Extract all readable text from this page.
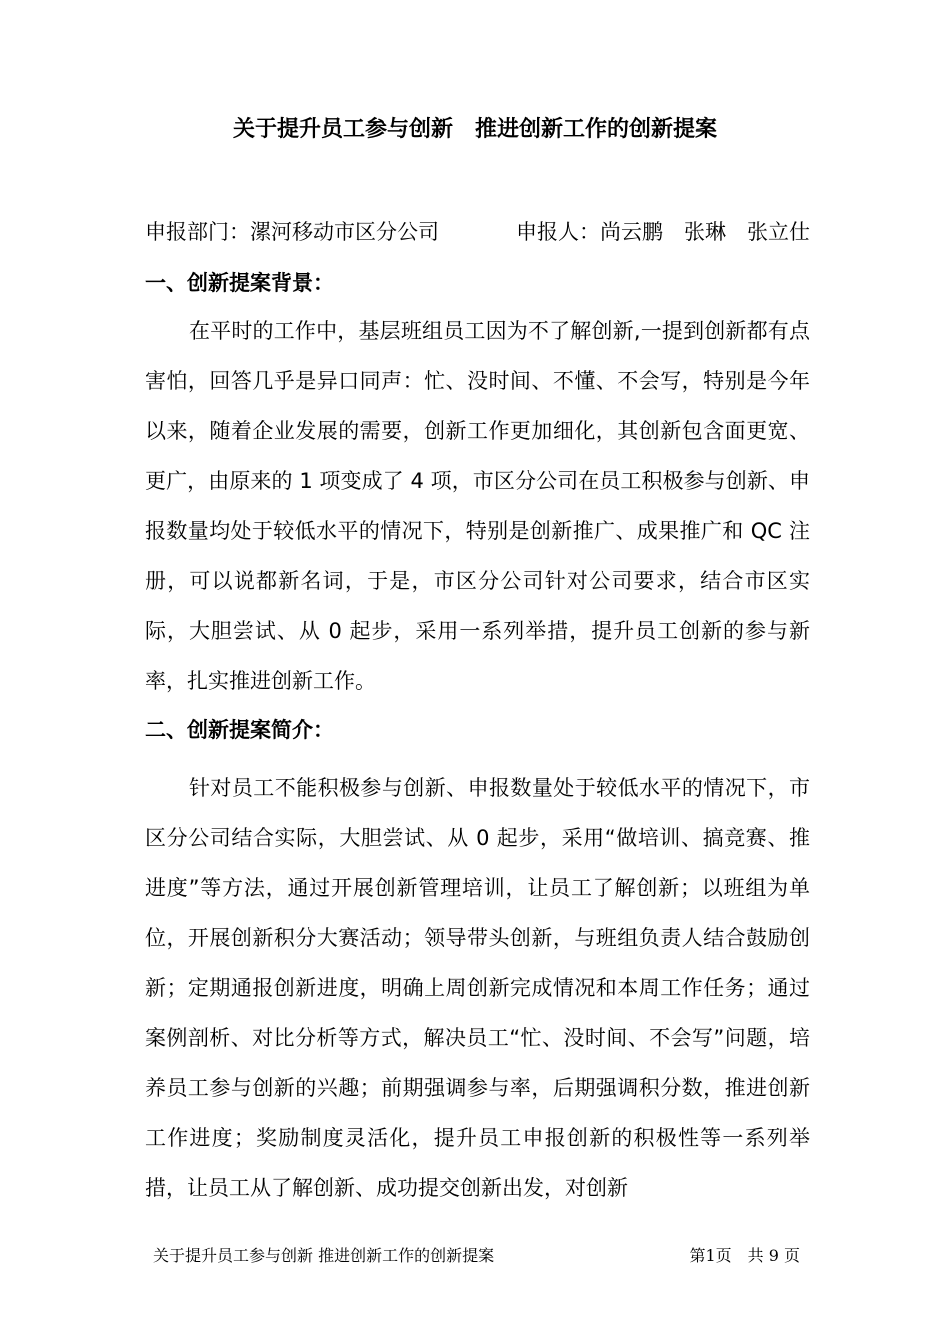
关于提升员工参与创新　推进创新工作的创新提案
申报部门：漯河移动市区分公司	申报人：尚云鹏　张琳　张立仕
一、创新提案背景：

在平时的工作中，基层班组员工因为不了解创新,一提到创新都有点害怕，回答几乎是异口同声：忙、没时间、不懂、不会写，特别是今年以来，随着企业发展的需要，创新工作更加细化，其创新包含面更宽、更广，由原来的 1 项变成了 4 项，市区分公司在员工积极参与创新、申报数量均处于较低水平的情况下，特别是创新推广、成果推广和 QC 注册，可以说都新名词，于是，市区分公司针对公司要求，结合市区实际，大胆尝试、从 0 起步，采用一系列举措，提升员工创新的参与新率，扎实推进创新工作。

二、创新提案简介：

针对员工不能积极参与创新、申报数量处于较低水平的情况下，市区分公司结合实际，大胆尝试、从 0 起步，采用“做培训、搞竞赛、推进度”等方法，通过开展创新管理培训，让员工了解创新；以班组为单位，开展创新积分大赛活动；领导带头创新，与班组负责人结合鼓励创新；定期通报创新进度，明确上周创新完成情况和本周工作任务；通过案例剖析、对比分析等方式，解决员工“忙、没时间、不会写”问题，培养员工参与创新的兴趣；前期强调参与率，后期强调积分数，推进创新工作进度；奖励制度灵活化，提升员工申报创新的积极性等一系列举措，让员工从了解创新、成功提交创新出发，对创新

关于提升员工参与创新 推进创新工作的创新提案	第1页　共 9 页
